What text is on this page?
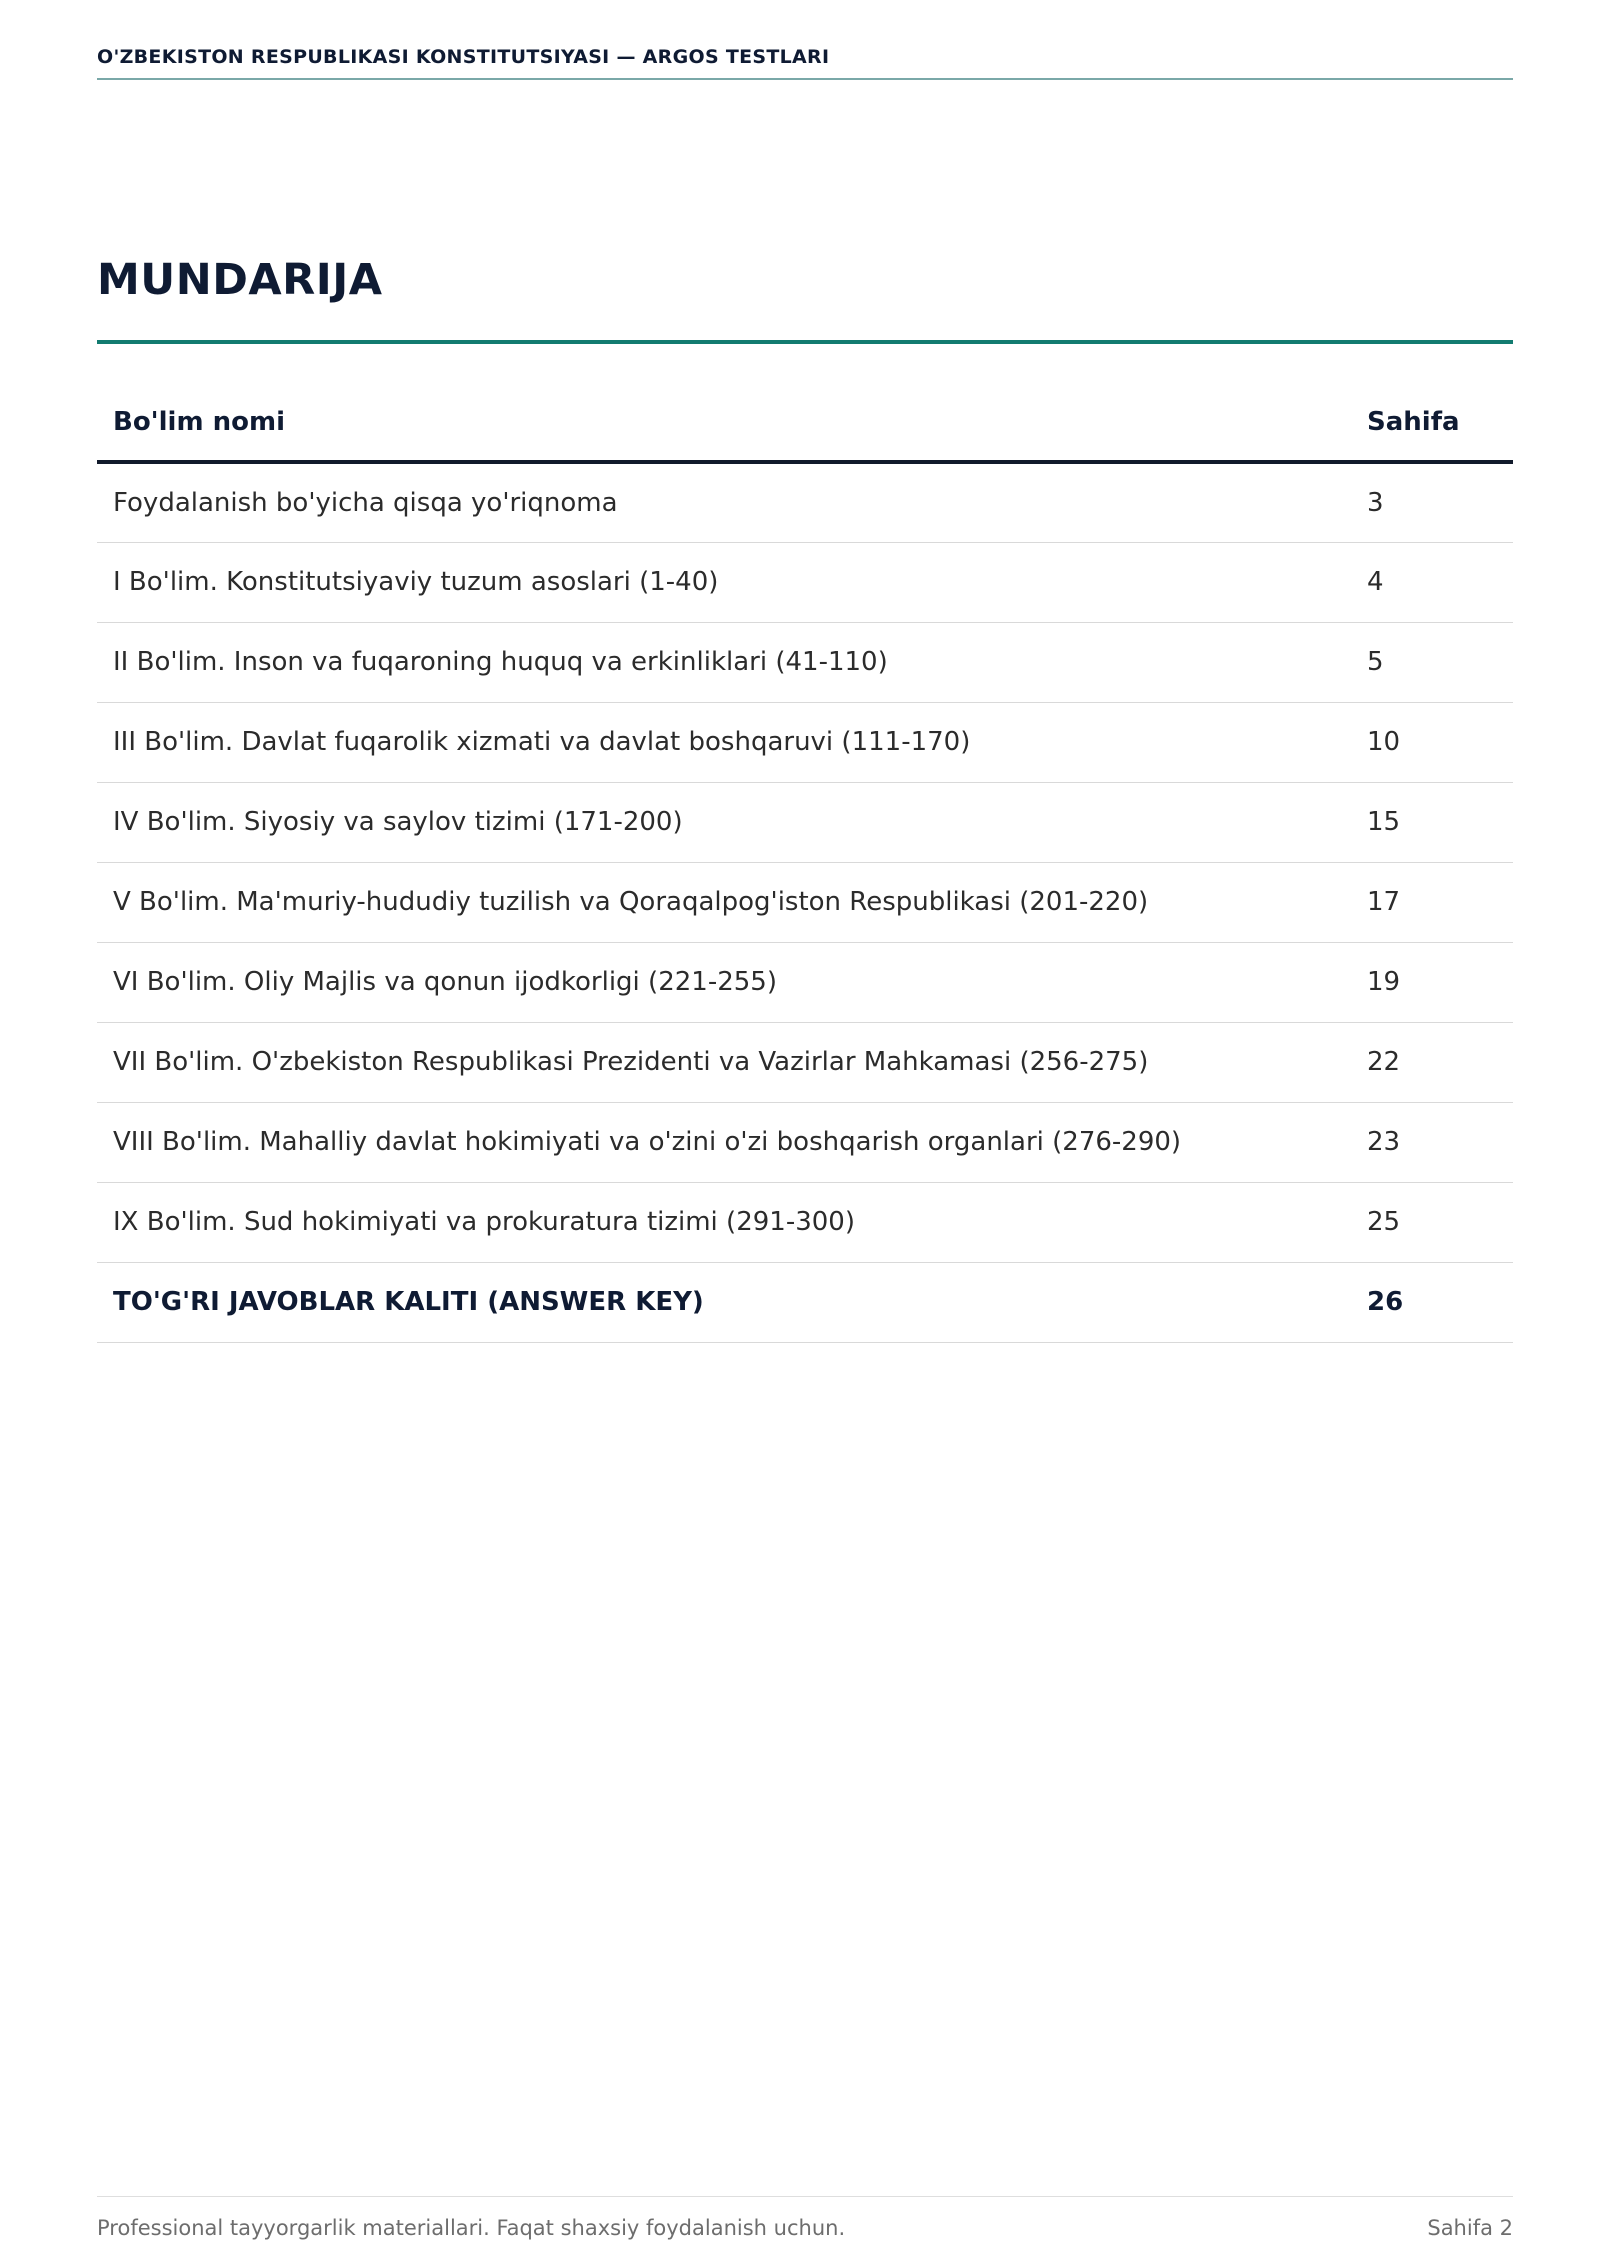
O'ZBEKISTON RESPUBLIKASI KONSTITUTSIYASI — ARGOS TESTLARI
MUNDARIJA
Bo'lim nomi	Sahifa
Foydalanish bo'yicha qisqa yo'riqnoma	3
I Bo'lim. Konstitutsiyaviy tuzum asoslari (1-40)	4
II Bo'lim. Inson va fuqaroning huquq va erkinliklari (41-110)	5
III Bo'lim. Davlat fuqarolik xizmati va davlat boshqaruvi (111-170)	10
IV Bo'lim. Siyosiy va saylov tizimi (171-200)	15
V Bo'lim. Ma'muriy-hududiy tuzilish va Qoraqalpog'iston Respublikasi (201-220)	17
VI Bo'lim. Oliy Majlis va qonun ijodkorligi (221-255)	19
VII Bo'lim. O'zbekiston Respublikasi Prezidenti va Vazirlar Mahkamasi (256-275)	22
VIII Bo'lim. Mahalliy davlat hokimiyati va o'zini o'zi boshqarish organlari (276-290)	23
IX Bo'lim. Sud hokimiyati va prokuratura tizimi (291-300)	25
TO'G'RI JAVOBLAR KALITI (ANSWER KEY)	26
Professional tayyorgarlik materiallari. Faqat shaxsiy foydalanish uchun.	Sahifa 2
